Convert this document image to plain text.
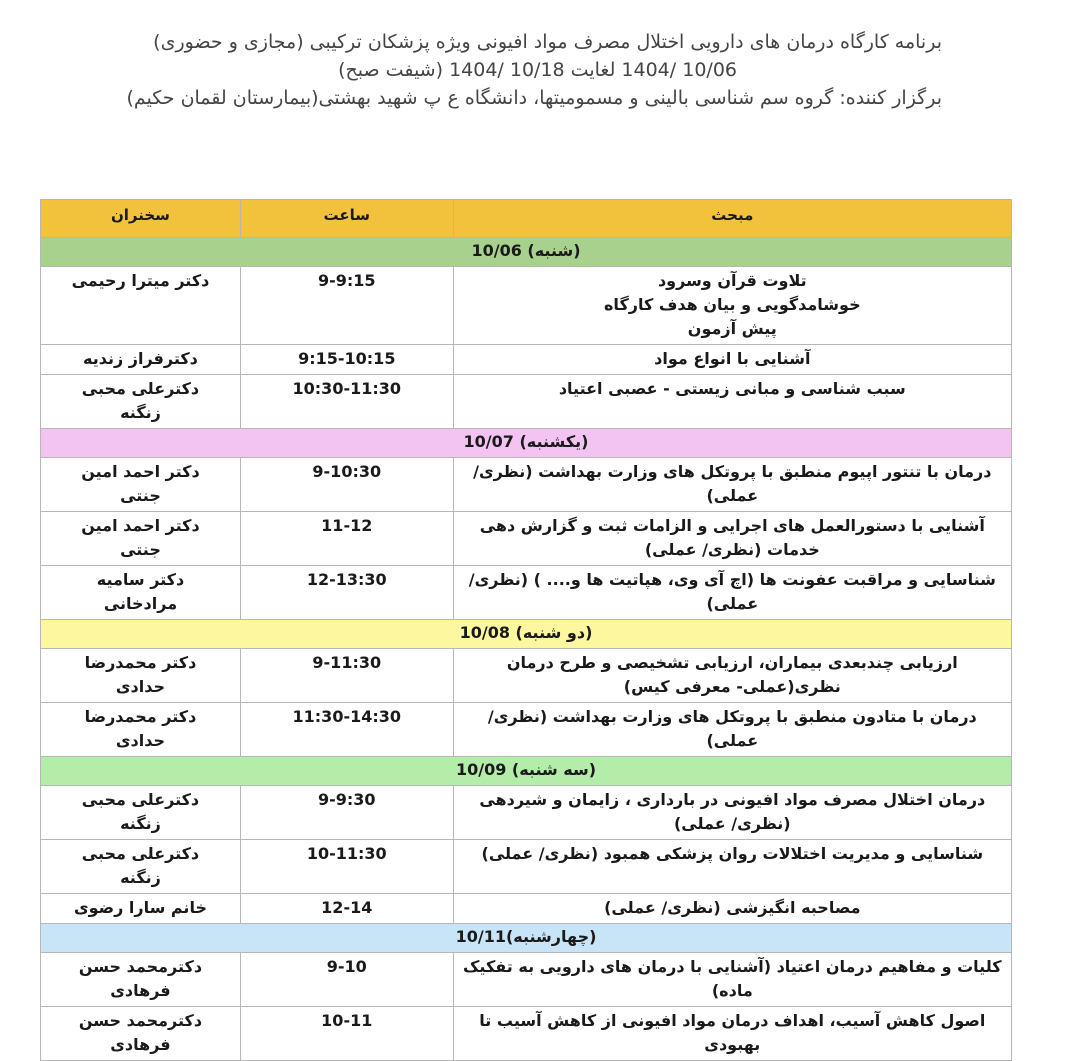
برنامه کارگاه درمان های دارویی اختلال مصرف مواد افیونی ویژه پزشکان ترکیبی (مجازی و حضوری)
10/06 /1404 لغایت 10/18 /1404 (شیفت صبح)
برگزار کننده: گروه سم شناسی بالینی و مسمومیتها، دانشگاه ع پ شهید بهشتی(بیمارستان لقمان حکیم)
مبحث	ساعت	سخنران
(شنبه) 10/06		

تلاوت قرآن وسرود
خوشامدگویی و بیان هدف کارگاه
پیش آزمون	9-9:15	دکتر میترا رحیمی

آشنایی با انواع مواد	9:15-10:15	دکترفراز زندیه

سبب شناسی و مبانی زیستی - عصبی اعتیاد	10:30-11:30	دکترعلی محبی زنگنه

(یکشنبه) 10/07		

درمان با تنتور اپیوم منطبق با پروتکل های وزارت بهداشت (نظری/ عملی)	9-10:30	دکتر احمد امین جنتی

آشنایی با دستورالعمل های اجرایی و الزامات ثبت و گزارش دهی خدمات (نظری/ عملی)	11-12	دکتر احمد امین جنتی

شناسایی و مراقبت عفونت ها (اچ آی وی، هپاتیت ها و.... ) (نظری/ عملی)	12-13:30	دکتر سامیه مرادخانی

(دو شنبه) 10/08		

ارزیابی چندبعدی بیماران، ارزیابی تشخیصی و طرح درمان نظری(عملی- معرفی کیس)	9-11:30	دکتر محمدرضا حدادی

درمان با متادون منطبق با پروتکل های وزارت بهداشت (نظری/ عملی)	11:30-14:30	دکتر محمدرضا حدادی

(سه شنبه) 10/09		

درمان اختلال مصرف مواد افیونی در بارداری ، زایمان و شیردهی (نظری/ عملی)	9-9:30	دکترعلی محبی زنگنه

شناسایی و مدیریت اختلالات روان پزشکی همبود (نظری/ عملی)	10-11:30	دکترعلی محبی زنگنه

مصاحبه انگیزشی (نظری/ عملی)	12-14	خانم سارا رضوی

(چهارشنبه)10/11		

کلیات و مفاهیم درمان اعتیاد (آشنایی با درمان های دارویی به تفکیک ماده)	9-10	دکترمحمد حسن فرهادی

اصول کاهش آسیب، اهداف درمان مواد افیونی از کاهش آسیب تا بهبودی	10-11	دکترمحمد حسن فرهادی
